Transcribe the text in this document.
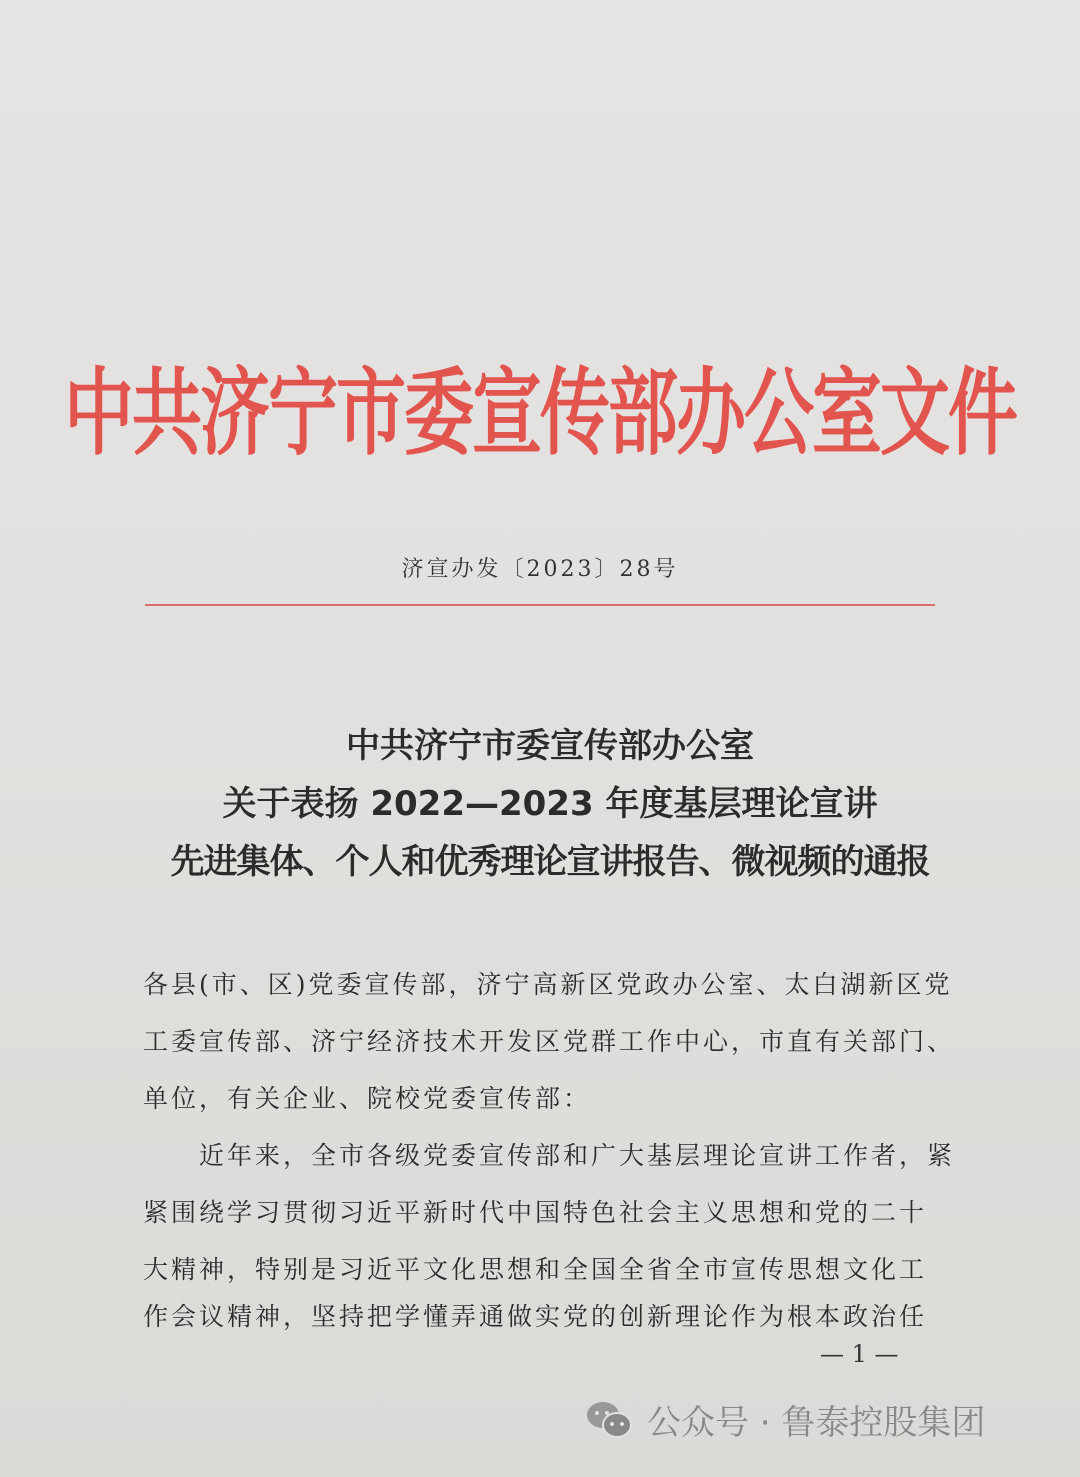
中共济宁市委宣传部办公室文件
济宣办发〔2023〕28号
中共济宁市委宣传部办公室
关于表扬 2022—2023 年度基层理论宣讲
先进集体、个人和优秀理论宣讲报告、微视频的通报
各县(市、区)党委宣传部，济宁高新区党政办公室、太白湖新区党
工委宣传部、济宁经济技术开发区党群工作中心，市直有关部门、
单位，有关企业、院校党委宣传部：
　　近年来，全市各级党委宣传部和广大基层理论宣讲工作者，紧
紧围绕学习贯彻习近平新时代中国特色社会主义思想和党的二十
大精神，特别是习近平文化思想和全国全省全市宣传思想文化工
作会议精神，坚持把学懂弄通做实党的创新理论作为根本政治任
— 1 —
公众号 · 鲁泰控股集团
